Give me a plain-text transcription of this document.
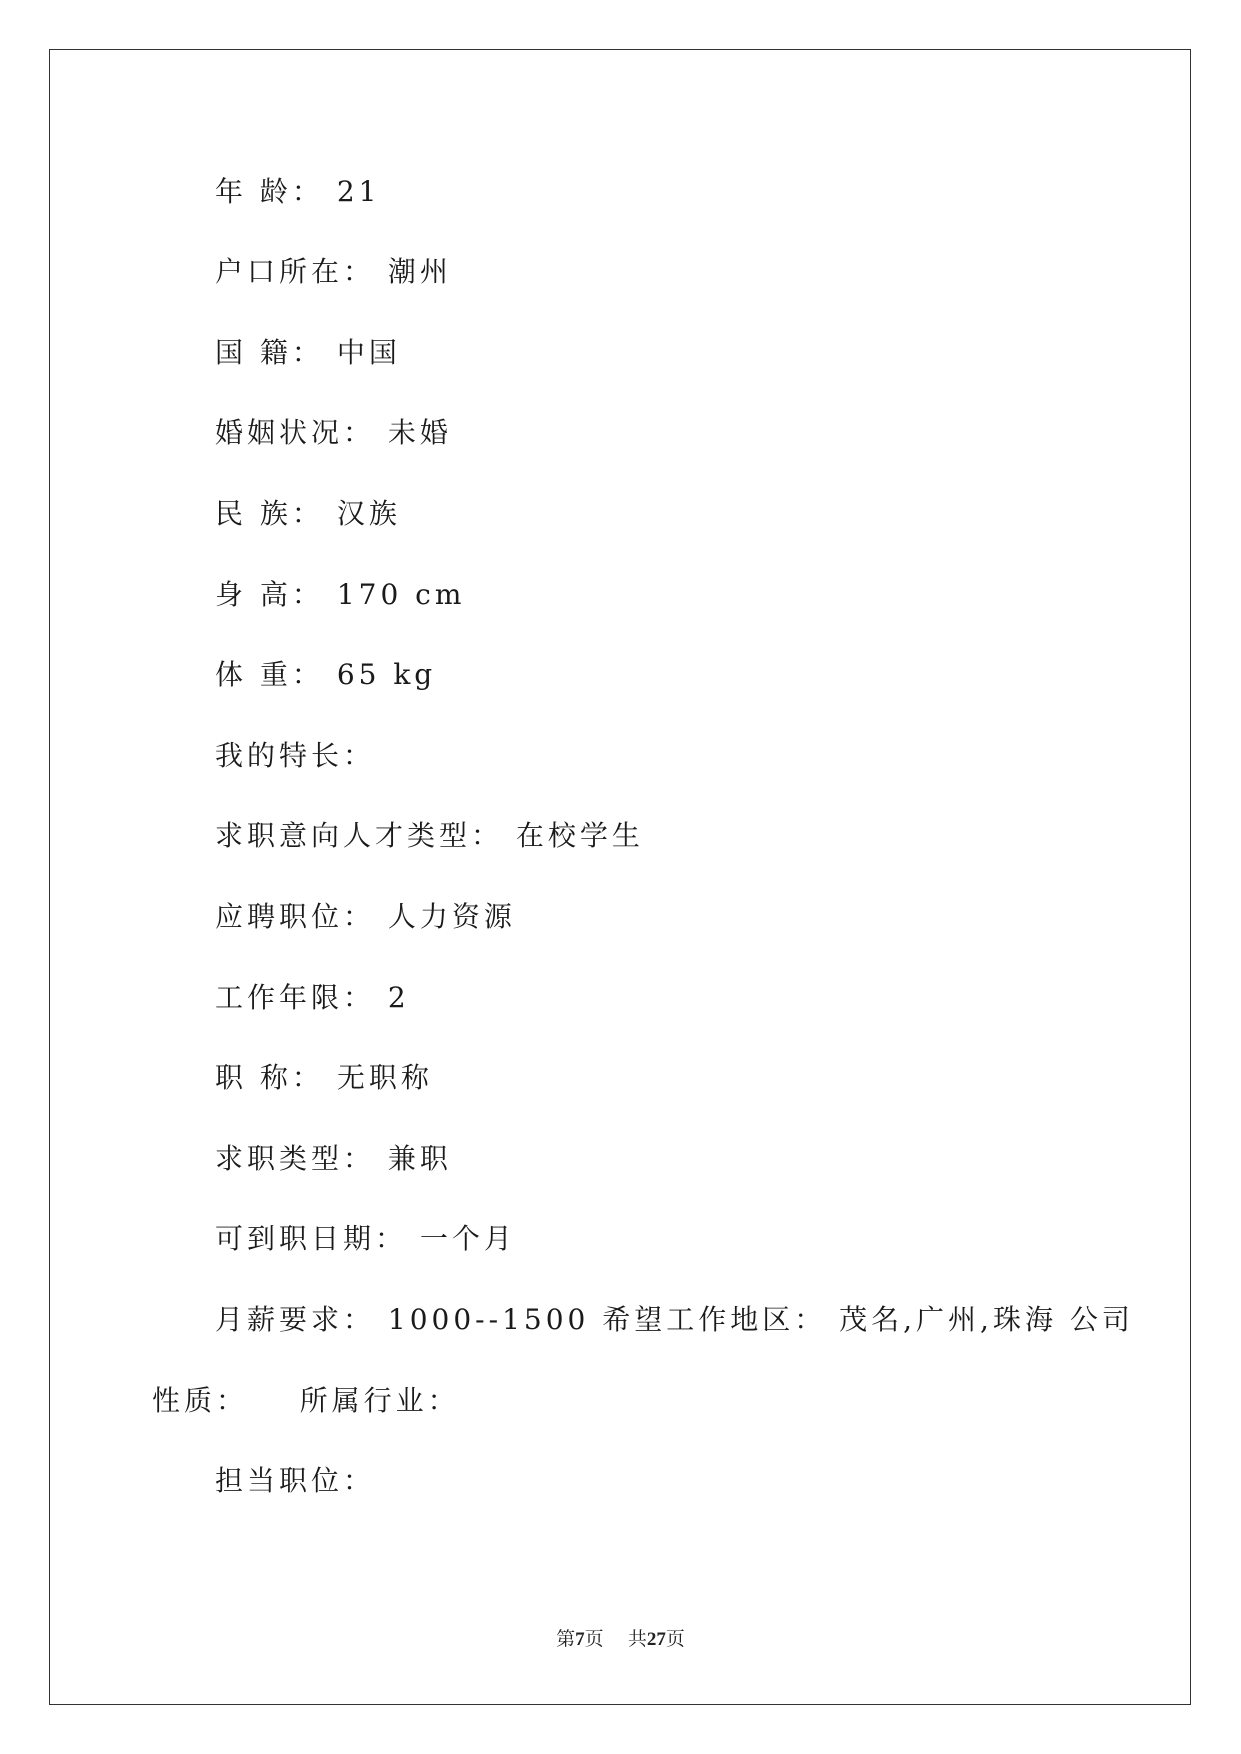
年 龄： 21
户口所在： 潮州
国 籍： 中国
婚姻状况： 未婚
民 族： 汉族
身 高： 170 cm
体 重： 65 kg
我的特长：
求职意向人才类型： 在校学生
应聘职位： 人力资源
工作年限： 2
职 称： 无职称
求职类型： 兼职
可到职日期： 一个月
月薪要求： 1000--1500 希望工作地区： 茂名,广州,珠海 公司
性质：    所属行业：
担当职位：
第7页 共27页
